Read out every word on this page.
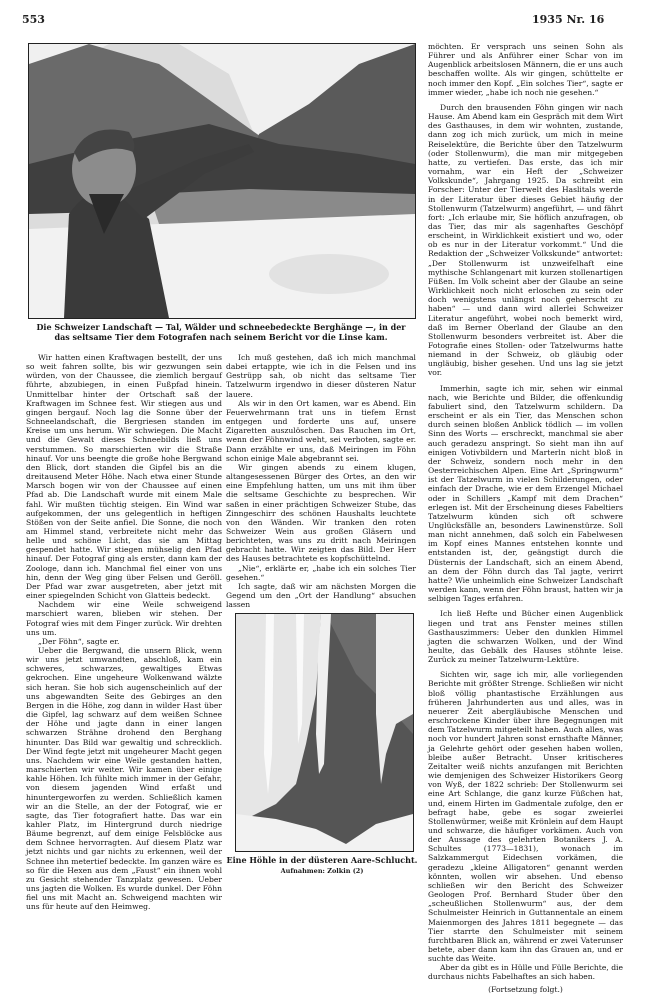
553	1935 Nr. 16
Die Schweizer Landschaft — Tal, Wälder und schneebedeckte Berghänge —, in der das seltsame Tier dem Fotografen nach seinem Bericht vor die Linse kam.

Wir hatten einen Kraftwagen bestellt, der uns so weit fahren sollte, bis wir gezwungen sein würden, von der Chaussee, die ziemlich bergauf führte, abzubiegen, in einen Fußpfad hinein. Unmittelbar hinter der Ortschaft saß der Kraftwagen im Schnee fest. Wir stiegen aus und gingen bergauf. Noch lag die Sonne über der Schneelandschaft, die Bergriesen standen im Kreise um uns herum. Wir schwiegen. Die Macht und die Gewalt dieses Schneebilds ließ uns verstummen. So marschierten wir die Straße hinauf. Vor uns beengte die große hohe Bergwand den Blick, dort standen die Gipfel bis an die dreitausend Meter Höhe. Nach etwa einer Stunde Marsch bogen wir von der Chaussee auf einen Pfad ab. Die Landschaft wurde mit einem Male fahl. Wir mußten tüchtig steigen. Ein Wind war aufgekommen, der uns gelegentlich in heftigen Stößen von der Seite anfiel. Die Sonne, die noch am Himmel stand, verbreitete nicht mehr das helle und schöne Licht, das sie am Mittag gespendet hatte. Wir stiegen mühselig den Pfad hinauf. Der Fotograf ging als erster, dann kam der Zoologe, dann ich. Manchmal fiel einer von uns hin, denn der Weg ging über Felsen und Geröll. Der Pfad war zwar ausgetreten, aber jetzt mit einer spiegelnden Schicht von Glatteis bedeckt.

Nachdem wir eine Weile schweigend marschiert waren, blieben wir stehen. Der Fotograf wies mit dem Finger zurück. Wir drehten uns um.

„Der Föhn“, sagte er.

Ueber die Bergwand, die unsern Blick, wenn wir uns jetzt umwandten, abschloß, kam ein schweres, schwarzes, gewaltiges Etwas gekrochen. Eine ungeheure Wolkenwand wälzte sich heran. Sie hob sich augenscheinlich auf der uns abgewandten Seite des Gebirges an den Bergen in die Höhe, zog dann in wilder Hast über die Gipfel, lag schwarz auf dem weißen Schnee der Höhe und jagte dann in einer langen schwarzen Strähne drohend den Berghang hinunter. Das Bild war gewaltig und schrecklich. Der Wind fegte jetzt mit ungeheurer Macht gegen uns. Nachdem wir eine Weile gestanden hatten, marschierten wir weiter. Wir kamen über einige kahle Höhen. Ich fühlte mich immer in der Gefahr, von diesem jagenden Wind erfaßt und hinuntergeworfen zu werden. Schließlich kamen wir an die Stelle, an der der Fotograf, wie er sagte, das Tier fotografiert hatte. Das war ein kahler Platz, im Hintergrund durch niedrige Bäume begrenzt, auf dem einige Felsblöcke aus dem Schnee hervorragten. Auf diesem Platz war jetzt nichts und gar nichts zu erkennen, weil der Schnee ihn metertief bedeckte. Im ganzen wäre es so für die Hexen aus dem „Faust“ ein ihnen wohl zu Gesicht stehender Tanzplatz gewesen. Ueber uns jagten die Wolken. Es wurde dunkel. Der Föhn fiel uns mit Macht an. Schweigend machten wir uns für heute auf den Heimweg.

Ich muß gestehen, daß ich mich manchmal dabei ertappte, wie ich in die Felsen und ins Gestrüpp sah, ob nicht das seltsame Tier Tatzelwurm irgendwo in dieser düsteren Natur lauere.

Als wir in den Ort kamen, war es Abend. Ein Feuerwehrmann trat uns in tiefem Ernst entgegen und forderte uns auf, unsere Zigaretten auszulöschen. Das Rauchen im Ort, wenn der Föhnwind weht, sei verboten, sagte er. Dann erzählte er uns, daß Meiringen im Föhn schon einige Male abgebrannt sei.

Wir gingen abends zu einem klugen, altangesessenen Bürger des Ortes, an den wir eine Empfehlung hatten, um uns mit ihm über die seltsame Geschichte zu besprechen. Wir saßen in einer prächtigen Schweizer Stube, das Zinngeschirr des schönen Haushalts leuchtete von den Wänden. Wir tranken den roten Schweizer Wein aus großen Gläsern und berichteten, was uns zu dritt nach Meiringen gebracht hatte. Wir zeigten das Bild. Der Herr des Hauses betrachtete es kopfschüttelnd.

„Nie“, erklärte er, „habe ich ein solches Tier gesehen.“

Ich sagte, daß wir am nächsten Morgen die Gegend um den „Ort der Handlung“ absuchen lassen

Eine Höhle in der düsteren Aare-Schlucht.
Aufnahmen: Zolkin (2)

möchten. Er versprach uns seinen Sohn als Führer und als Anführer einer Schar von im Augenblick arbeitslosen Männern, die er uns auch beschaffen wollte. Als wir gingen, schüttelte er noch immer den Kopf. „Ein solches Tier“, sagte er immer wieder, „habe ich noch nie gesehen.“

Durch den brausenden Föhn gingen wir nach Hause. Am Abend kam ein Gespräch mit dem Wirt des Gasthauses, in dem wir wohnten, zustande, dann zog ich mich zurück, um mich in meine Reiselektüre, die Berichte über den Tatzelwurm (oder Stollenwurm), die man mir mitgegeben hatte, zu vertiefen. Das erste, das ich mir vornahm, war ein Heft der „Schweizer Volkskunde“, Jahrgang 1925. Da schreibt ein Forscher: Unter der Tierwelt des Haslitals werde in der Literatur über dieses Gebiet häufig der Stollenwurm (Tatzelwurm) angeführt, — und fährt fort: „Ich erlaube mir, Sie höflich anzufragen, ob das Tier, das mir als sagenhaftes Geschöpf erscheint, in Wirklichkeit existiert und wo, oder ob es nur in der Literatur vorkommt.“ Und die Redaktion der „Schweizer Volkskunde“ antwortet: „Der Stollenwurm ist unzweifelhaft eine mythische Schlangenart mit kurzen stollenartigen Füßen. Im Volk scheint aber der Glaube an seine Wirklichkeit noch nicht erloschen zu sein oder doch wenigstens unlängst noch geherrscht zu haben“ — und dann wird allerlei Schweizer Literatur angeführt, wobei noch bemerkt wird, daß im Berner Oberland der Glaube an den Stollenwurm besonders verbreitet ist. Aber die Fotografie eines Stollen- oder Tatzelwurms hatte niemand in der Schweiz, ob gläubig oder ungläubig, bisher gesehen. Und uns lag sie jetzt vor.

Immerhin, sagte ich mir, sehen wir einmal nach, wie Berichte und Bilder, die offenkundig fabuliert sind, den Tatzelwurm schildern. Da erscheint er als ein Tier, das Menschen schon durch seinen bloßen Anblick tödlich — im vollen Sinn des Worts — erschreckt, manchmal sie aber auch geradezu anspringt. So sieht man ihn auf einigen Votivbildern und Marterln nicht bloß in der Schweiz, sondern noch mehr in den Oesterreichischen Alpen. Eine Art „Springwurm“ ist der Tatzelwurm in vielen Schilderungen, oder einfach der Drache, wie er dem Erzengel Michael oder in Schillers „Kampf mit dem Drachen“ erlegen ist. Mit der Erscheinung dieses Fabeltiers Tatzelwurm künden sich oft schwere Unglücksfälle an, besonders Lawinenstürze. Soll man nicht annehmen, daß solch ein Fabelwesen im Kopf eines Mannes entstehen konnte und entstanden ist, der, geängstigt durch die Düsternis der Landschaft, sich an einem Abend, an dem der Föhn durch das Tal jagte, verirrt hatte? Wie unheimlich eine Schweizer Landschaft werden kann, wenn der Föhn braust, hatten wir ja selbigen Tages erfahren.

Ich ließ Hefte und Bücher einen Augenblick liegen und trat ans Fenster meines stillen Gasthauszimmers: Ueber den dunklen Himmel jagten die schwarzen Wolken, und der Wind heulte, das Gebälk des Hauses stöhnte leise. Zurück zu meiner Tatzelwurm-Lektüre.

Sichten wir, sage ich mir, alle vorliegenden Berichte mit größter Strenge. Schließen wir nicht bloß völlig phantastische Erzählungen aus früheren Jahrhunderten aus und alles, was in neuerer Zeit abergläubische Menschen und erschrockene Kinder über ihre Begegnungen mit dem Tatzelwurm mitgeteilt haben. Auch alles, was noch vor hundert Jahren sonst ernsthafte Männer, ja Gelehrte gehört oder gesehen haben wollen, bleibe außer Betracht. Unser kritischeres Zeitalter weiß nichts anzufangen mit Berichten wie demjenigen des Schweizer Historikers Georg von Wyß, der 1822 schrieb: Der Stollenwurm sei eine Art Schlange, die ganz kurze Füßchen hat, und, einem Hirten im Gadmentale zufolge, den er befragt habe, gebe es sogar zweierlei Stollenwürmer, weiße mit Krönlein auf dem Haupt und schwarze, die häufiger vorkämen. Auch von der Aussage des gelehrten Botanikers J. A. Schultes (1773—1831), wonach im Salzkammergut Eidechsen vorkämen, die geradezu „kleine Alligatoren“ genannt werden könnten, wollen wir absehen. Und ebenso schließen wir den Bericht des Schweizer Geologen Prof. Bernhard Studer über den „scheußlichen Stollenwurm“ aus, der dem Schulmeister Heinrich in Guttannentale an einem Maienmorgen des Jahres 1811 begegnete — das Tier starrte den Schulmeister mit seinem furchtbaren Blick an, während er zwei Vaterunser betete, aber dann kam ihn das Grauen an, und er suchte das Weite.

Aber da gibt es in Hülle und Fülle Berichte, die durchaus nichts Fabelhaftes an sich haben.

(Fortsetzung folgt.)
